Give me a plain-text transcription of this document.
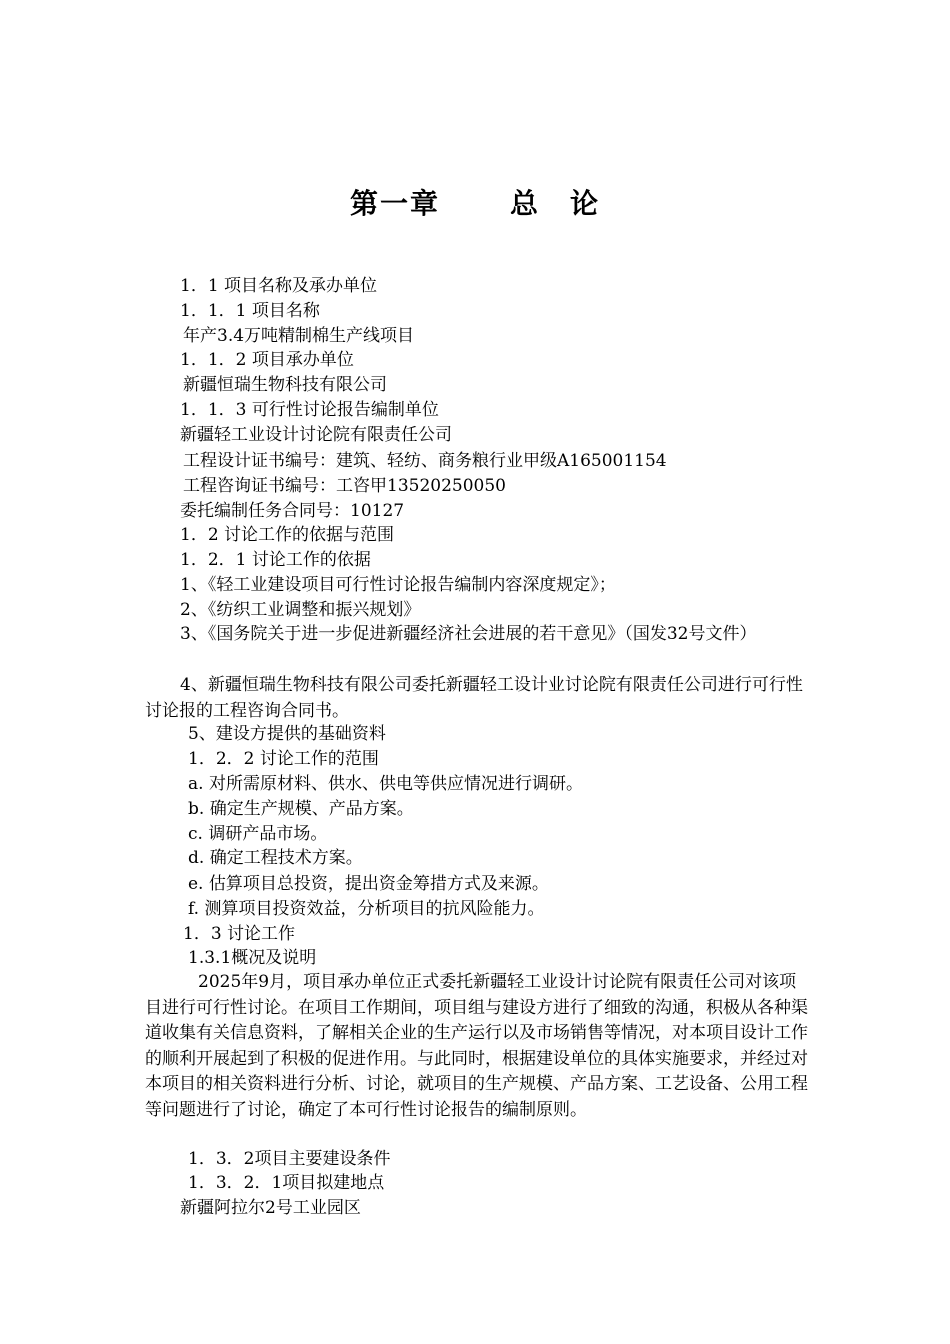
第一章	总　论
1．1 项目名称及承办单位
1．1．1 项目名称
年产3.4万吨精制棉生产线项目
1．1．2 项目承办单位
新疆恒瑞生物科技有限公司
1．1．3 可行性讨论报告编制单位
新疆轻工业设计讨论院有限责任公司
工程设计证书编号：建筑、轻纺、商务粮行业甲级A165001154
工程咨询证书编号：工咨甲13520250050
委托编制任务合同号：10127
1．2 讨论工作的依据与范围
1．2．1 讨论工作的依据
1、《轻工业建设项目可行性讨论报告编制内容深度规定》；
2、《纺织工业调整和振兴规划》
3、《国务院关于进一步促进新疆经济社会进展的若干意见》（国发32号文件）
4、新疆恒瑞生物科技有限公司委托新疆轻工设计业讨论院有限责任公司进行可行性讨论报的工程咨询合同书。
5、建设方提供的基础资料
1．2．2 讨论工作的范围
a. 对所需原材料、供水、供电等供应情况进行调研。
b. 确定生产规模、产品方案。
c. 调研产品市场。
d. 确定工程技术方案。
e. 估算项目总投资，提出资金筹措方式及来源。
f. 测算项目投资效益，分析项目的抗风险能力。
1．3 讨论工作
1.3.1概况及说明
2025年9月，项目承办单位正式委托新疆轻工业设计讨论院有限责任公司对该项目进行可行性讨论。在项目工作期间，项目组与建设方进行了细致的沟通，积极从各种渠道收集有关信息资料，了解相关企业的生产运行以及市场销售等情况，对本项目设计工作的顺利开展起到了积极的促进作用。与此同时，根据建设单位的具体实施要求，并经过对本项目的相关资料进行分析、讨论，就项目的生产规模、产品方案、工艺设备、公用工程等问题进行了讨论，确定了本可行性讨论报告的编制原则。
1．3．2项目主要建设条件
1．3．2．1项目拟建地点
新疆阿拉尔2号工业园区
